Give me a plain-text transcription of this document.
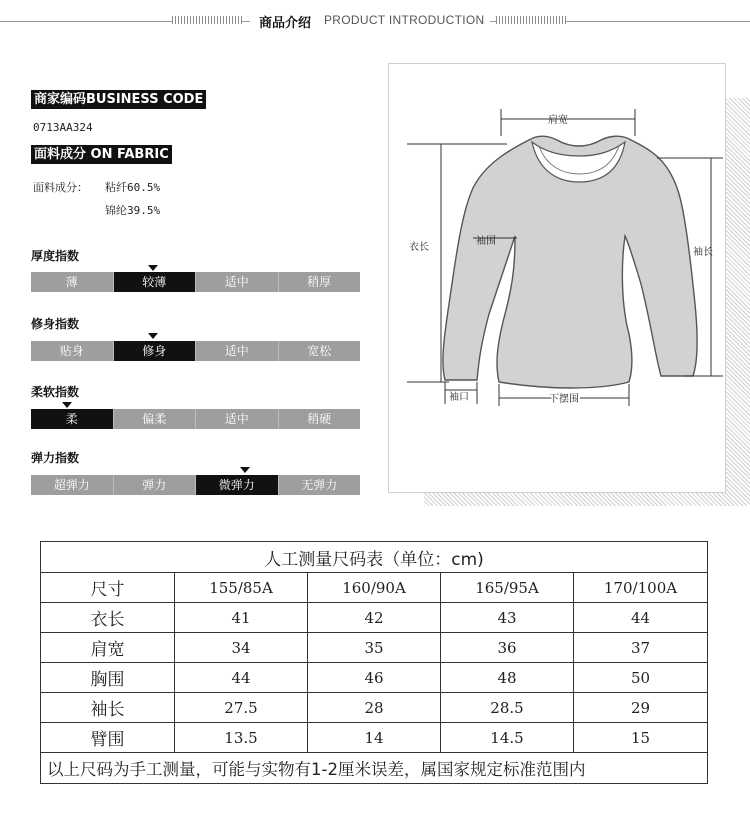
商品介绍 PRODUCT INTRODUCTION
商家编码BUSINESS CODE
0713AA324
面料成分 ON FABRIC
面料成分： 粘纤60.5%
锦纶39.5%
厚度指数
薄	较薄	适中	稍厚
修身指数
贴身	修身	适中	宽松
柔软指数
柔	偏柔	适中	稍硬
弹力指数
超弹力	弹力	微弹力	无弹力
肩宽
衣长
袖围
袖长
袖口	下摆围
人工测量尺码表（单位：cm)				
尺寸	155/85A	160/90A	165/95A	170/100A
衣长	41	42	43	44
肩宽	34	35	36	37
胸围	44	46	48	50
袖长	27.5	28	28.5	29
臂围	13.5	14	14.5	15
以上尺码为手工测量，可能与实物有1-2厘米误差，属国家规定标准范围内				
